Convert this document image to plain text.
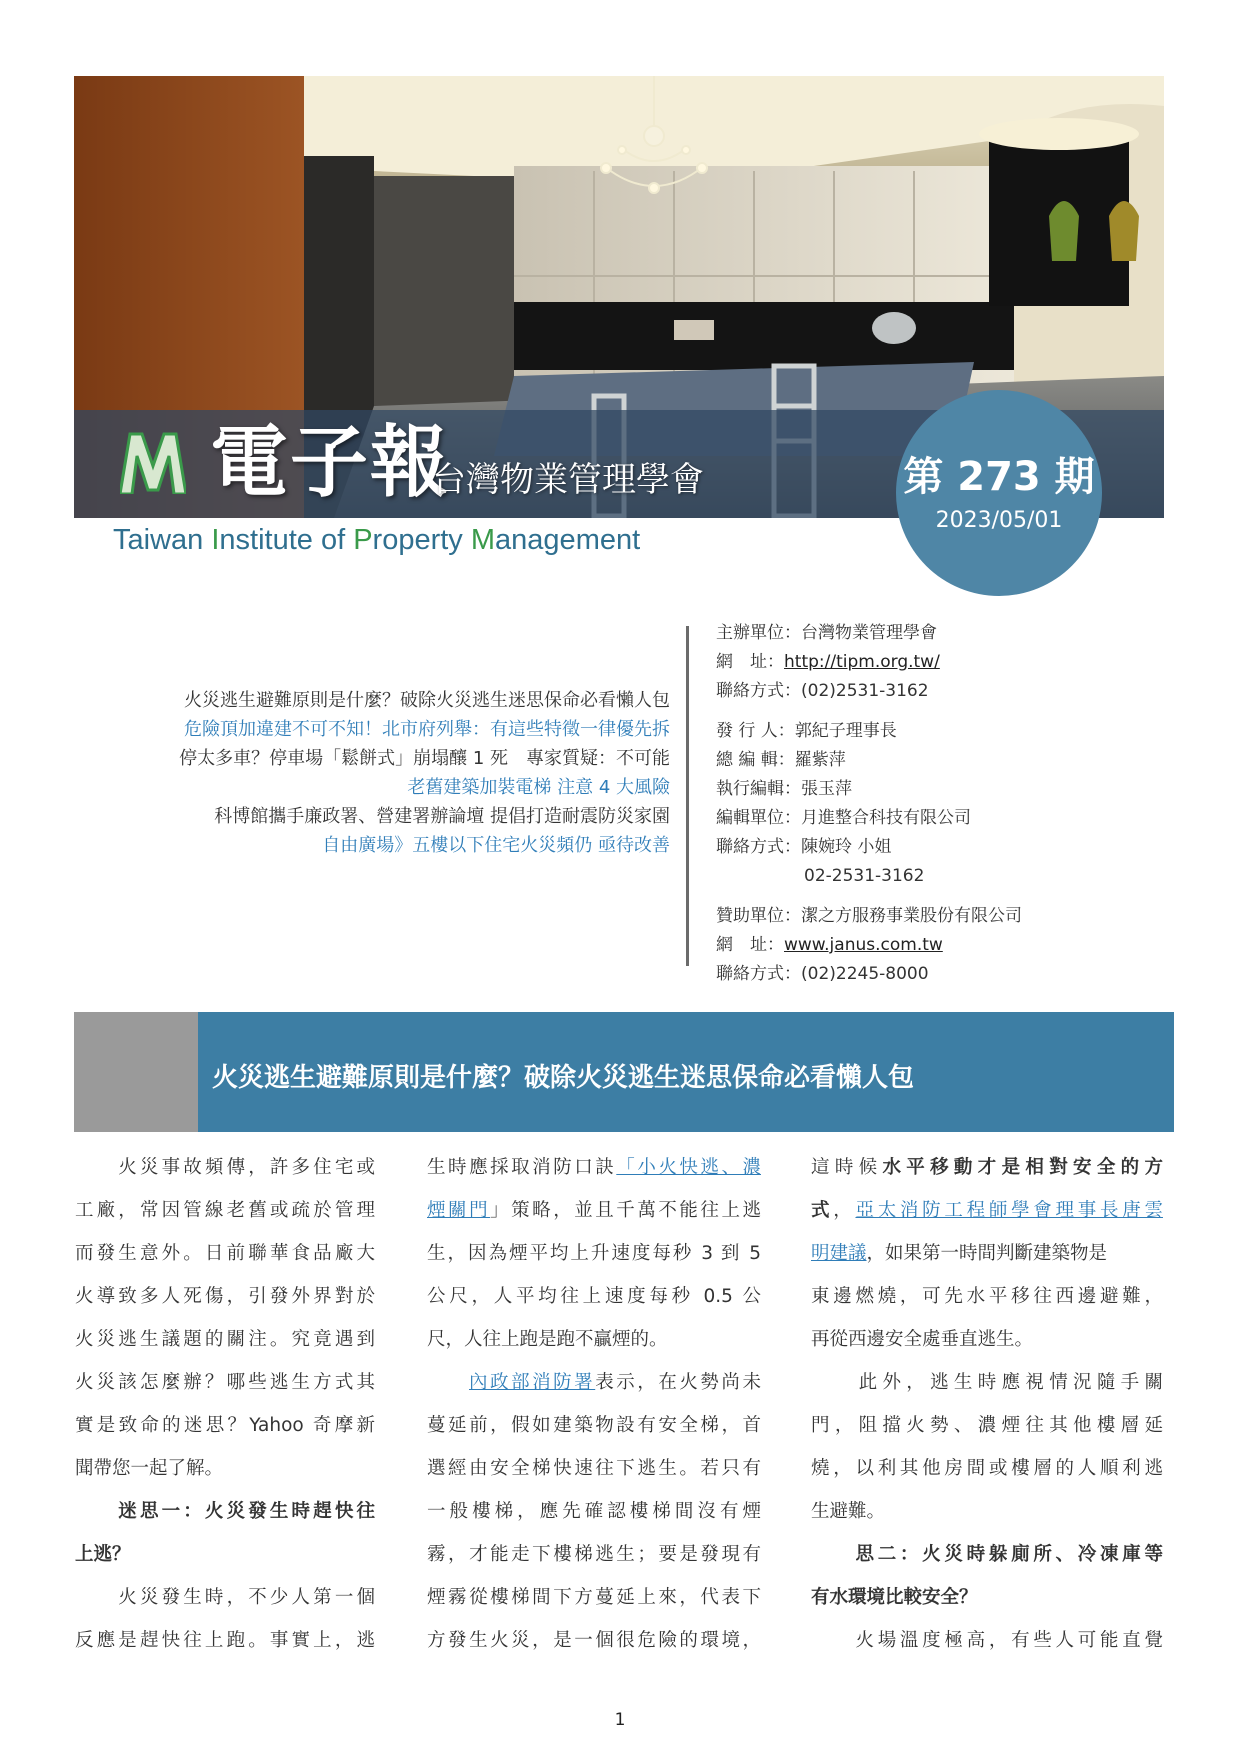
電子報
台灣物業管理學會	第 273 期
2023/05/01
Taiwan Institute of Property Management

火災逃生避難原則是什麼？破除火災逃生迷思保命必看懶人包

危險頂加違建不可不知！北市府列舉：有這些特徵一律優先拆

停太多車？停車場「鬆餅式」崩塌釀 1 死　專家質疑：不可能

老舊建築加裝電梯 注意 4 大風險

科博館攜手廉政署、營建署辦論壇 提倡打造耐震防災家園

自由廣場》五樓以下住宅火災頻仍 亟待改善

主辦單位：台灣物業管理學會
網　址：http://tipm.org.tw/
聯絡方式：(02)2531-3162
發 行 人：郭紀子理事長
總 編 輯：羅紫萍
執行編輯：張玉萍
編輯單位：月進整合科技有限公司
聯絡方式：陳婉玲 小姐
02-2531-3162
贊助單位：潔之方服務事業股份有限公司
網　址：www.janus.com.tw
聯絡方式：(02)2245-8000
火災逃生避難原則是什麼？破除火災逃生迷思保命必看懶人包

　　火災事故頻傳，許多住宅或

工廠，常因管線老舊或疏於管理

而發生意外。日前聯華食品廠大

火導致多人死傷，引發外界對於

火災逃生議題的關注。究竟遇到

火災該怎麼辦？哪些逃生方式其

實是致命的迷思？Yahoo 奇摩新

聞帶您一起了解。

　　迷思一：火災發生時趕快往

上逃？

　　火災發生時，不少人第一個

反應是趕快往上跑。事實上，逃

生時應採取消防口訣「小火快逃、濃

煙關門」策略，並且千萬不能往上逃

生，因為煙平均上升速度每秒 3 到 5

公尺，人平均往上速度每秒 0.5 公

尺，人往上跑是跑不贏煙的。

內政部消防署表示，在火勢尚未

蔓延前，假如建築物設有安全梯，首

選經由安全梯快速往下逃生。若只有

一般樓梯，應先確認樓梯間沒有煙

霧，才能走下樓梯逃生；要是發現有

煙霧從樓梯間下方蔓延上來，代表下

方發生火災，是一個很危險的環境，

這時候水平移動才是相對安全的方

式，亞太消防工程師學會理事長唐雲

明建議，如果第一時間判斷建築物是

東邊燃燒，可先水平移往西邊避難，

再從西邊安全處垂直逃生。

　　此外，逃生時應視情況隨手關

門，阻擋火勢、濃煙往其他樓層延

燒，以利其他房間或樓層的人順利逃

生避難。

　　思二：火災時躲廁所、冷凍庫等

有水環境比較安全？

　　火場溫度極高，有些人可能直覺

1
